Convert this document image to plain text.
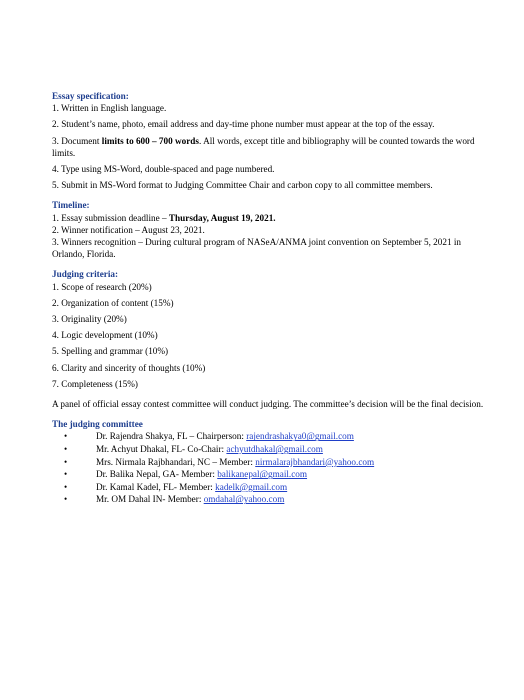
Essay specification:

1. Written in English language.

2. Student’s name, photo, email address and day-time phone number must appear at the top of the essay.

3. Document limits to 600 – 700 words. All words, except title and bibliography will be counted towards the word limits.

4. Type using MS-Word, double-spaced and page numbered.

5. Submit in MS-Word format to Judging Committee Chair and carbon copy to all committee members.

Timeline:

1. Essay submission deadline – Thursday, August 19, 2021.

2. Winner notification – August 23, 2021.

3. Winners recognition – During cultural program of NASeA/ANMA joint convention on September 5, 2021 in Orlando, Florida.

Judging criteria:

1. Scope of research (20%)

2. Organization of content (15%)

3. Originality (20%)

4. Logic development (10%)

5. Spelling and grammar (10%)

6. Clarity and sincerity of thoughts (10%)

7. Completeness (15%)

A panel of official essay contest committee will conduct judging. The committee’s decision will be the final decision.

The judging committee
• Dr. Rajendra Shakya, FL – Chairperson: rajendrashakya0@gmail.com
• Mr. Achyut Dhakal, FL- Co-Chair: achyutdhakal@gmail.com
• Mrs. Nirmala Rajbhandari, NC – Member: nirmalarajbhandari@yahoo.com
• Dr. Balika Nepal, GA- Member: balikanepal@gmail.com
• Dr. Kamal Kadel, FL- Member: kadelk@gmail.com
• Mr. OM Dahal IN- Member: omdahal@yahoo.com
